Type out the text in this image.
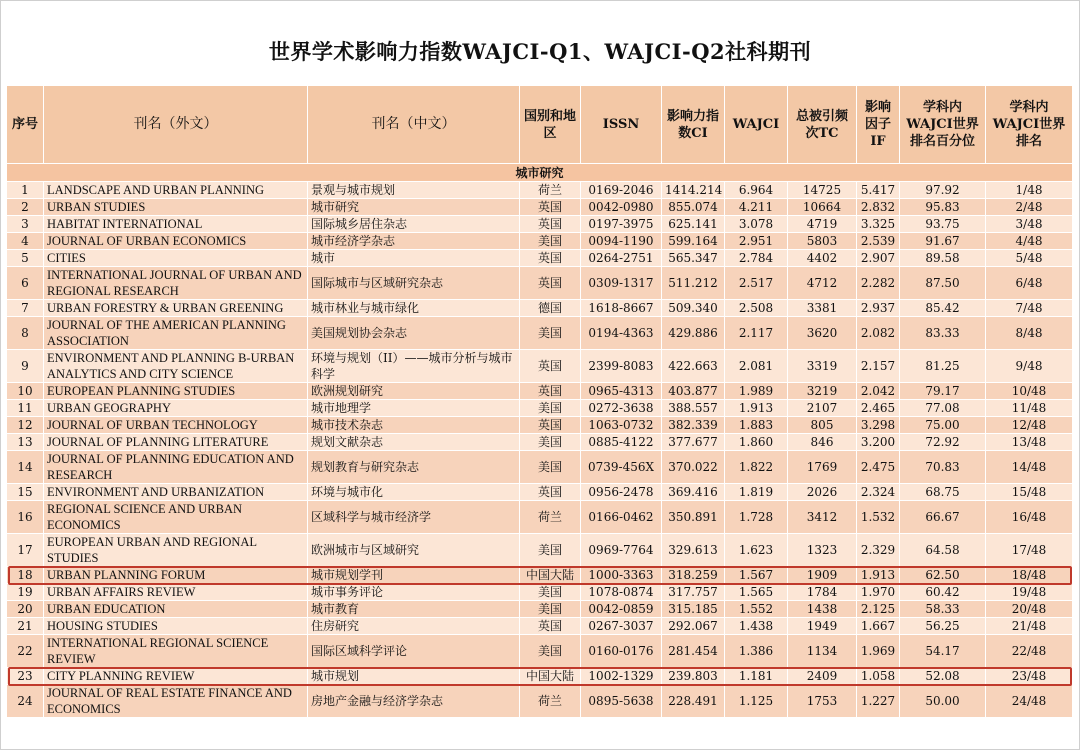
世界学术影响力指数WAJCI-Q1、WAJCI-Q2社科期刊
序号	刊名（外文）	刊名（中文）	国别和地区	ISSN	影响力指数CI	WAJCI	总被引频次TC	影响因子IF	学科内WAJCI世界排名百分位	学科内WAJCI世界排名
城市研究										
1	LANDSCAPE AND URBAN PLANNING	景观与城市规划	荷兰	0169-2046	1414.214	6.964	14725	5.417	97.92	1/48
2	URBAN STUDIES	城市研究	英国	0042-0980	855.074	4.211	10664	2.832	95.83	2/48
3	HABITAT INTERNATIONAL	国际城乡居住杂志	英国	0197-3975	625.141	3.078	4719	3.325	93.75	3/48
4	JOURNAL OF URBAN ECONOMICS	城市经济学杂志	美国	0094-1190	599.164	2.951	5803	2.539	91.67	4/48
5	CITIES	城市	英国	0264-2751	565.347	2.784	4402	2.907	89.58	5/48
6	INTERNATIONAL JOURNAL OF URBAN AND REGIONAL RESEARCH	国际城市与区域研究杂志	英国	0309-1317	511.212	2.517	4712	2.282	87.50	6/48
7	URBAN FORESTRY & URBAN GREENING	城市林业与城市绿化	德国	1618-8667	509.340	2.508	3381	2.937	85.42	7/48
8	JOURNAL OF THE AMERICAN PLANNING ASSOCIATION	美国规划协会杂志	美国	0194-4363	429.886	2.117	3620	2.082	83.33	8/48
9	ENVIRONMENT AND PLANNING B-URBAN ANALYTICS AND CITY SCIENCE	环境与规划（II）——城市分析与城市科学	英国	2399-8083	422.663	2.081	3319	2.157	81.25	9/48
10	EUROPEAN PLANNING STUDIES	欧洲规划研究	英国	0965-4313	403.877	1.989	3219	2.042	79.17	10/48
11	URBAN GEOGRAPHY	城市地理学	美国	0272-3638	388.557	1.913	2107	2.465	77.08	11/48
12	JOURNAL OF URBAN TECHNOLOGY	城市技术杂志	英国	1063-0732	382.339	1.883	805	3.298	75.00	12/48
13	JOURNAL OF PLANNING LITERATURE	规划文献杂志	美国	0885-4122	377.677	1.860	846	3.200	72.92	13/48
14	JOURNAL OF PLANNING EDUCATION AND RESEARCH	规划教育与研究杂志	美国	0739-456X	370.022	1.822	1769	2.475	70.83	14/48
15	ENVIRONMENT AND URBANIZATION	环境与城市化	英国	0956-2478	369.416	1.819	2026	2.324	68.75	15/48
16	REGIONAL SCIENCE AND URBAN ECONOMICS	区域科学与城市经济学	荷兰	0166-0462	350.891	1.728	3412	1.532	66.67	16/48
17	EUROPEAN URBAN AND REGIONAL STUDIES	欧洲城市与区域研究	美国	0969-7764	329.613	1.623	1323	2.329	64.58	17/48
18	URBAN PLANNING FORUM	城市规划学刊	中国大陆	1000-3363	318.259	1.567	1909	1.913	62.50	18/48
19	URBAN AFFAIRS REVIEW	城市事务评论	美国	1078-0874	317.757	1.565	1784	1.970	60.42	19/48
20	URBAN EDUCATION	城市教育	美国	0042-0859	315.185	1.552	1438	2.125	58.33	20/48
21	HOUSING STUDIES	住房研究	英国	0267-3037	292.067	1.438	1949	1.667	56.25	21/48
22	INTERNATIONAL REGIONAL SCIENCE REVIEW	国际区域科学评论	美国	0160-0176	281.454	1.386	1134	1.969	54.17	22/48
23	CITY PLANNING REVIEW	城市规划	中国大陆	1002-1329	239.803	1.181	2409	1.058	52.08	23/48
24	JOURNAL OF REAL ESTATE FINANCE AND ECONOMICS	房地产金融与经济学杂志	荷兰	0895-5638	228.491	1.125	1753	1.227	50.00	24/48
